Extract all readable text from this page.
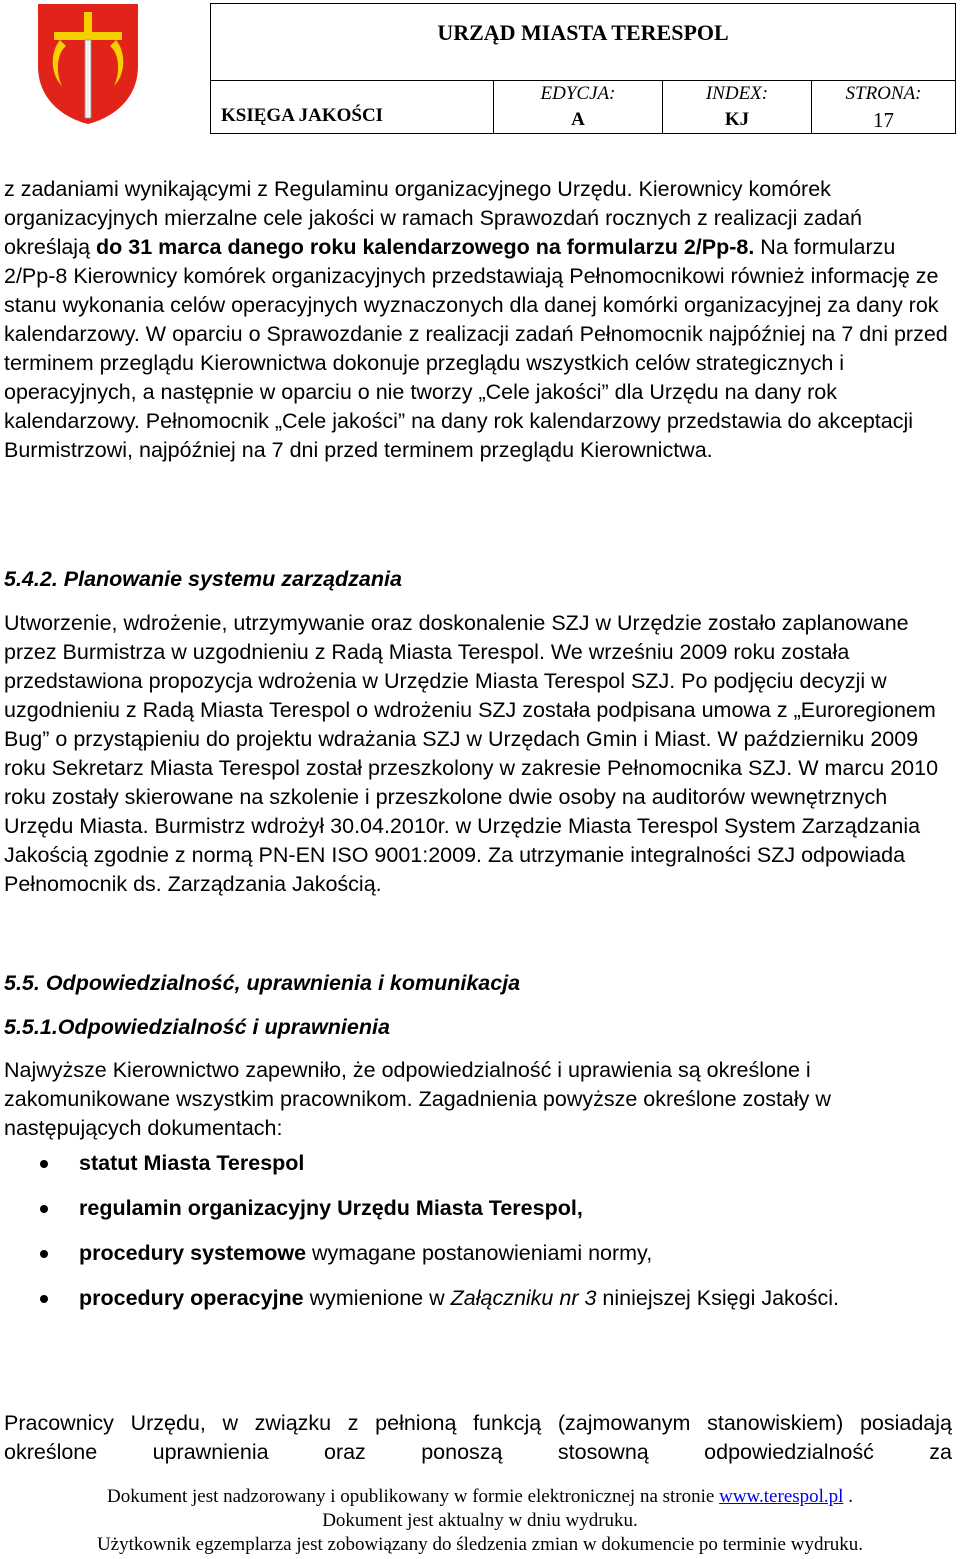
URZĄD MIASTA TERESPOL
KSIĘGA JAKOŚCI	
EDYCJA:
A

INDEX:
KJ

STRONA:
17

z zadaniami wynikającymi z Regulaminu organizacyjnego Urzędu. Kierownicy komórek organizacyjnych mierzalne cele jakości w ramach Sprawozdań rocznych z realizacji zadań określają do 31 marca danego roku kalendarzowego na formularzu 2/Pp-8. Na formularzu 2/Pp-8 Kierownicy komórek organizacyjnych przedstawiają Pełnomocnikowi również informację ze stanu wykonania celów operacyjnych wyznaczonych dla danej komórki organizacyjnej za dany rok kalendarzowy. W oparciu o Sprawozdanie z realizacji zadań Pełnomocnik najpóźniej na 7 dni przed terminem przeglądu Kierownictwa dokonuje przeglądu wszystkich celów strategicznych i operacyjnych, a następnie w oparciu o nie tworzy „Cele jakości” dla Urzędu na dany rok kalendarzowy. Pełnomocnik „Cele jakości” na dany rok kalendarzowy przedstawia do akceptacji Burmistrzowi, najpóźniej na 7 dni przed terminem przeglądu Kierownictwa.

5.4.2. Planowanie systemu zarządzania

Utworzenie, wdrożenie, utrzymywanie oraz doskonalenie SZJ w Urzędzie zostało zaplanowane przez Burmistrza w uzgodnieniu z Radą Miasta Terespol. We wrześniu 2009 roku została przedstawiona propozycja wdrożenia w Urzędzie Miasta Terespol SZJ. Po podjęciu decyzji w uzgodnieniu z Radą Miasta Terespol o wdrożeniu SZJ została podpisana umowa z „Euroregionem Bug” o przystąpieniu do projektu wdrażania SZJ w Urzędach Gmin i Miast. W październiku 2009 roku Sekretarz Miasta Terespol został przeszkolony w zakresie Pełnomocnika SZJ. W marcu 2010 roku zostały skierowane na szkolenie i przeszkolone dwie osoby na auditorów wewnętrznych Urzędu Miasta. Burmistrz wdrożył 30.04.2010r. w Urzędzie Miasta Terespol System Zarządzania Jakością zgodnie z normą PN-EN ISO 9001:2009. Za utrzymanie integralności SZJ odpowiada Pełnomocnik ds. Zarządzania Jakością.

5.5. Odpowiedzialność, uprawnienia i komunikacja
5.5.1.Odpowiedzialność i uprawnienia

Najwyższe Kierownictwo zapewniło, że odpowiedzialność i uprawienia są określone i zakomunikowane wszystkim pracownikom. Zagadnienia powyższe określone zostały w następujących dokumentach:

statut Miasta Terespol
regulamin organizacyjny Urzędu Miasta Terespol,
procedury systemowe wymagane postanowieniami normy,
procedury operacyjne wymienione w Załączniku nr 3 niniejszej Księgi Jakości.

Pracownicy Urzędu, w związku z pełnioną funkcją (zajmowanym stanowiskiem) posiadają określone uprawnienia oraz ponoszą stosowną odpowiedzialność za

Dokument jest nadzorowany i opublikowany w formie elektronicznej na stronie www.terespol.pl .
Dokument jest aktualny w dniu wydruku.
Użytkownik egzemplarza jest zobowiązany do śledzenia zmian w dokumencie po terminie wydruku.
